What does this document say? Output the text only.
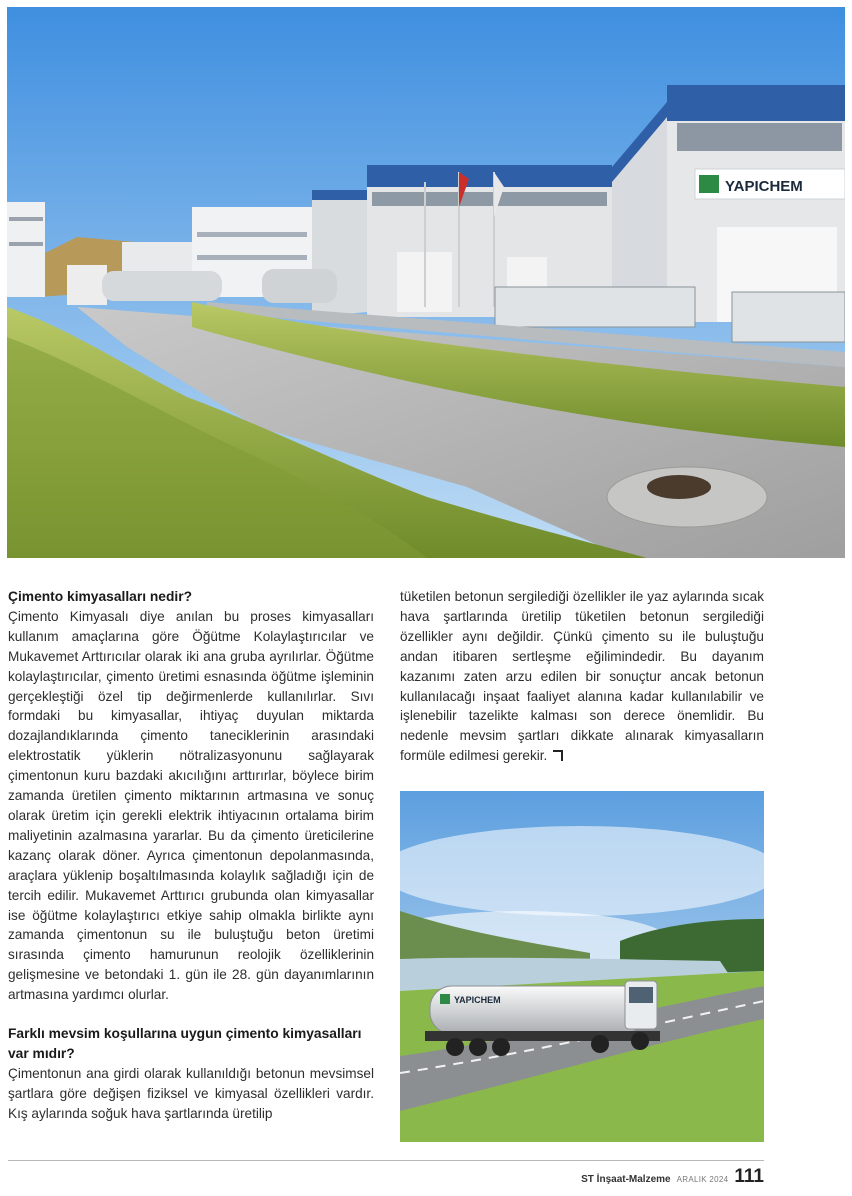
YAPICHEM
Çimento kimyasalları nedir?

Çimento Kimyasalı diye anılan bu proses kimyasalları kullanım amaçlarına göre Öğütme Kolaylaştırıcılar ve Mukavemet Arttırıcılar olarak iki ana gruba ayrılırlar. Öğütme kolaylaştırıcılar, çimento üretimi esnasında öğütme işleminin gerçekleştiği özel tip değirmenlerde kullanılırlar. Sıvı formdaki bu kimyasallar, ihtiyaç duyulan miktarda dozajlandıklarında çimento taneciklerinin arasındaki elektrostatik yüklerin nötralizasyonunu sağlayarak çimentonun kuru bazdaki akıcılığını arttırırlar, böylece birim zamanda üretilen çimento miktarının artmasına ve sonuç olarak üretim için gerekli elektrik ihtiyacının ortalama birim maliyetinin azalmasına yararlar. Bu da çimento üreticilerine kazanç olarak döner. Ayrıca çimentonun depolanmasında, araçlara yüklenip boşaltılmasında kolaylık sağladığı için de tercih edilir. Mukavemet Arttırıcı grubunda olan kimyasallar ise öğütme kolaylaştırıcı etkiye sahip olmakla birlikte aynı zamanda çimentonun su ile buluştuğu beton üretimi sırasında çimento hamurunun reolojik özelliklerinin gelişmesine ve betondaki 1. gün ile 28. gün dayanımlarının artmasına yardımcı olurlar.

Farklı mevsim koşullarına uygun çimento kimyasalları var mıdır?

Çimentonun ana girdi olarak kullanıldığı betonun mevsimsel şartlara göre değişen fiziksel ve kimyasal özellikleri vardır. Kış aylarında soğuk hava şartlarında üretilip

tüketilen betonun sergilediği özellikler ile yaz aylarında sıcak hava şartlarında üretilip tüketilen betonun sergilediği özellikler aynı değildir. Çünkü çimento su ile buluştuğu andan itibaren sertleşme eğilimindedir. Bu dayanım kazanımı zaten arzu edilen bir sonuçtur ancak betonun kullanılacağı inşaat faaliyet alanına kadar kullanılabilir ve işlenebilir tazelikte kalması son derece önemlidir. Bu nedenle mevsim şartları dikkate alınarak kimyasalların formüle edilmesi gerekir.

YAPICHEM
ST İnşaat-Malzeme ARALIK 2024 111
